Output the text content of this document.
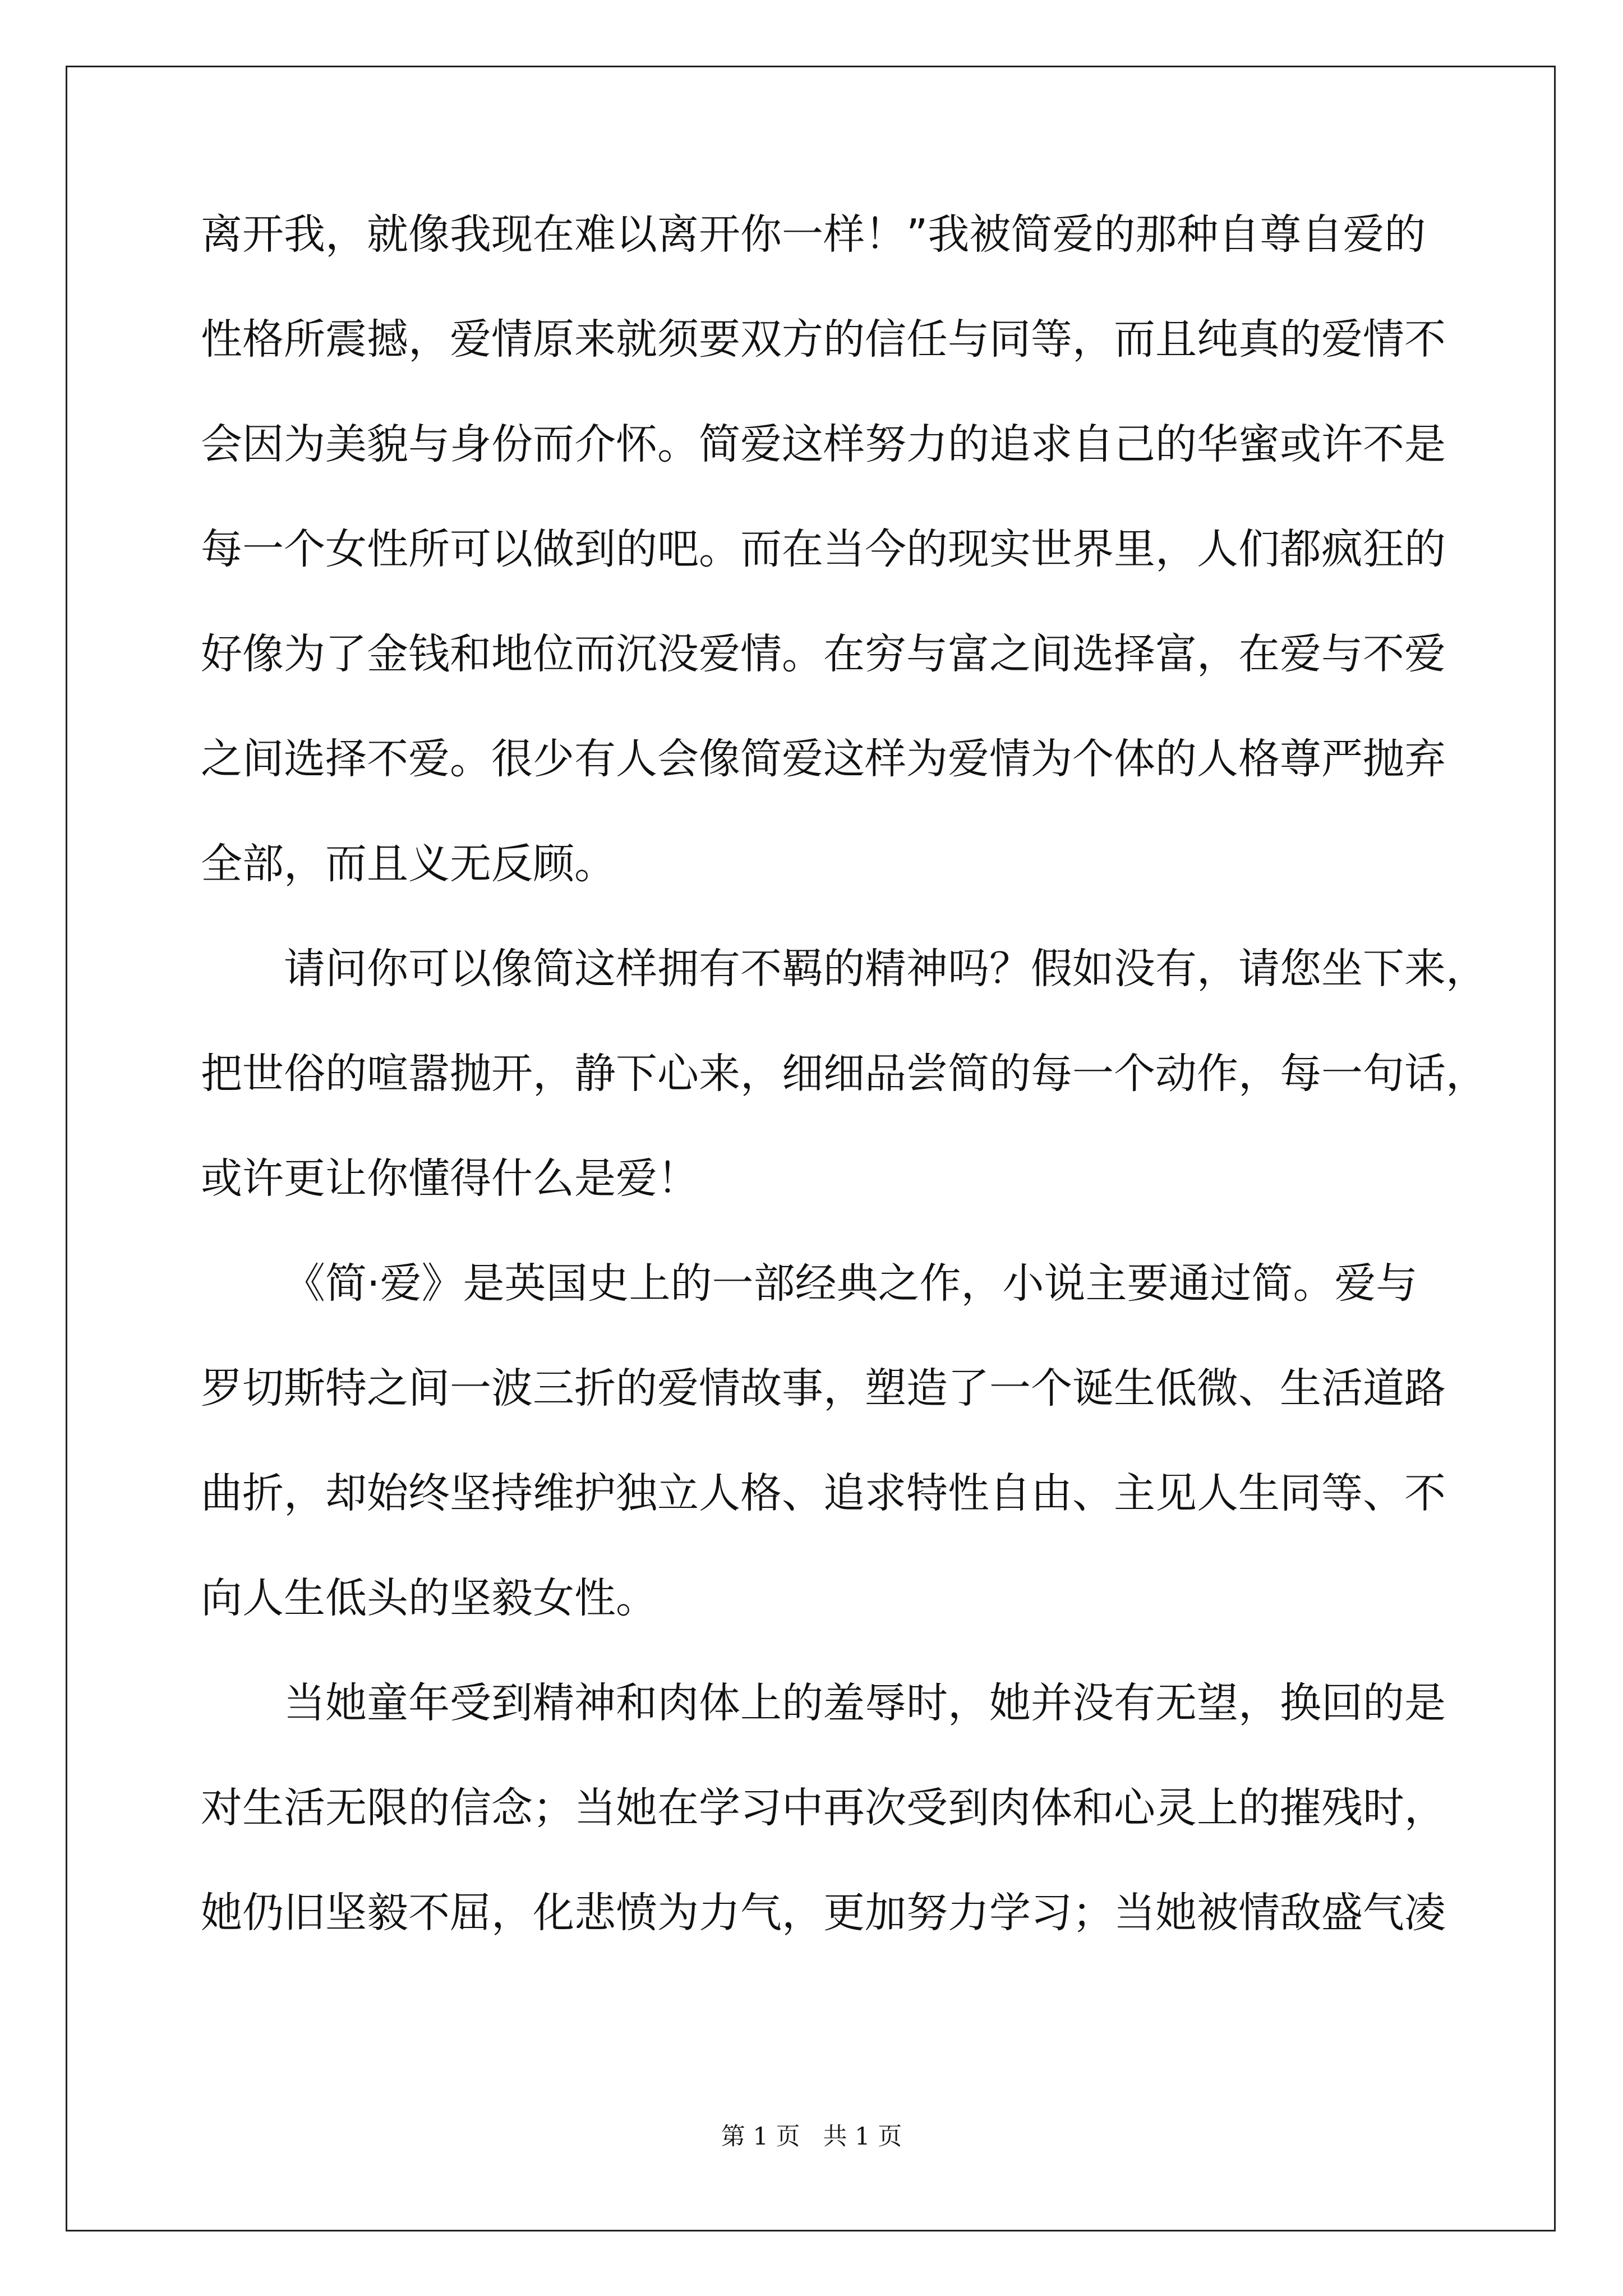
离开我，就像我现在难以离开你一样！”我被简爱的那种自尊自爱的
性格所震撼，爱情原来就须要双方的信任与同等，而且纯真的爱情不
会因为美貌与身份而介怀。简爱这样努力的追求自己的华蜜或许不是
每一个女性所可以做到的吧。而在当今的现实世界里，人们都疯狂的
好像为了金钱和地位而沉没爱情。在穷与富之间选择富，在爱与不爱
之间选择不爱。很少有人会像简爱这样为爱情为个体的人格尊严抛弃
全部，而且义无反顾。
请问你可以像简这样拥有不羁的精神吗？假如没有，请您坐下来，
把世俗的喧嚣抛开，静下心来，细细品尝简的每一个动作，每一句话，
或许更让你懂得什么是爱！
《简·爱》是英国史上的一部经典之作，小说主要通过简。爱与
罗切斯特之间一波三折的爱情故事，塑造了一个诞生低微、生活道路
曲折，却始终坚持维护独立人格、追求特性自由、主见人生同等、不
向人生低头的坚毅女性。
当她童年受到精神和肉体上的羞辱时，她并没有无望，换回的是
对生活无限的信念；当她在学习中再次受到肉体和心灵上的摧残时，
她仍旧坚毅不屈，化悲愤为力气，更加努力学习；当她被情敌盛气凌
第 1 页   共 1 页
